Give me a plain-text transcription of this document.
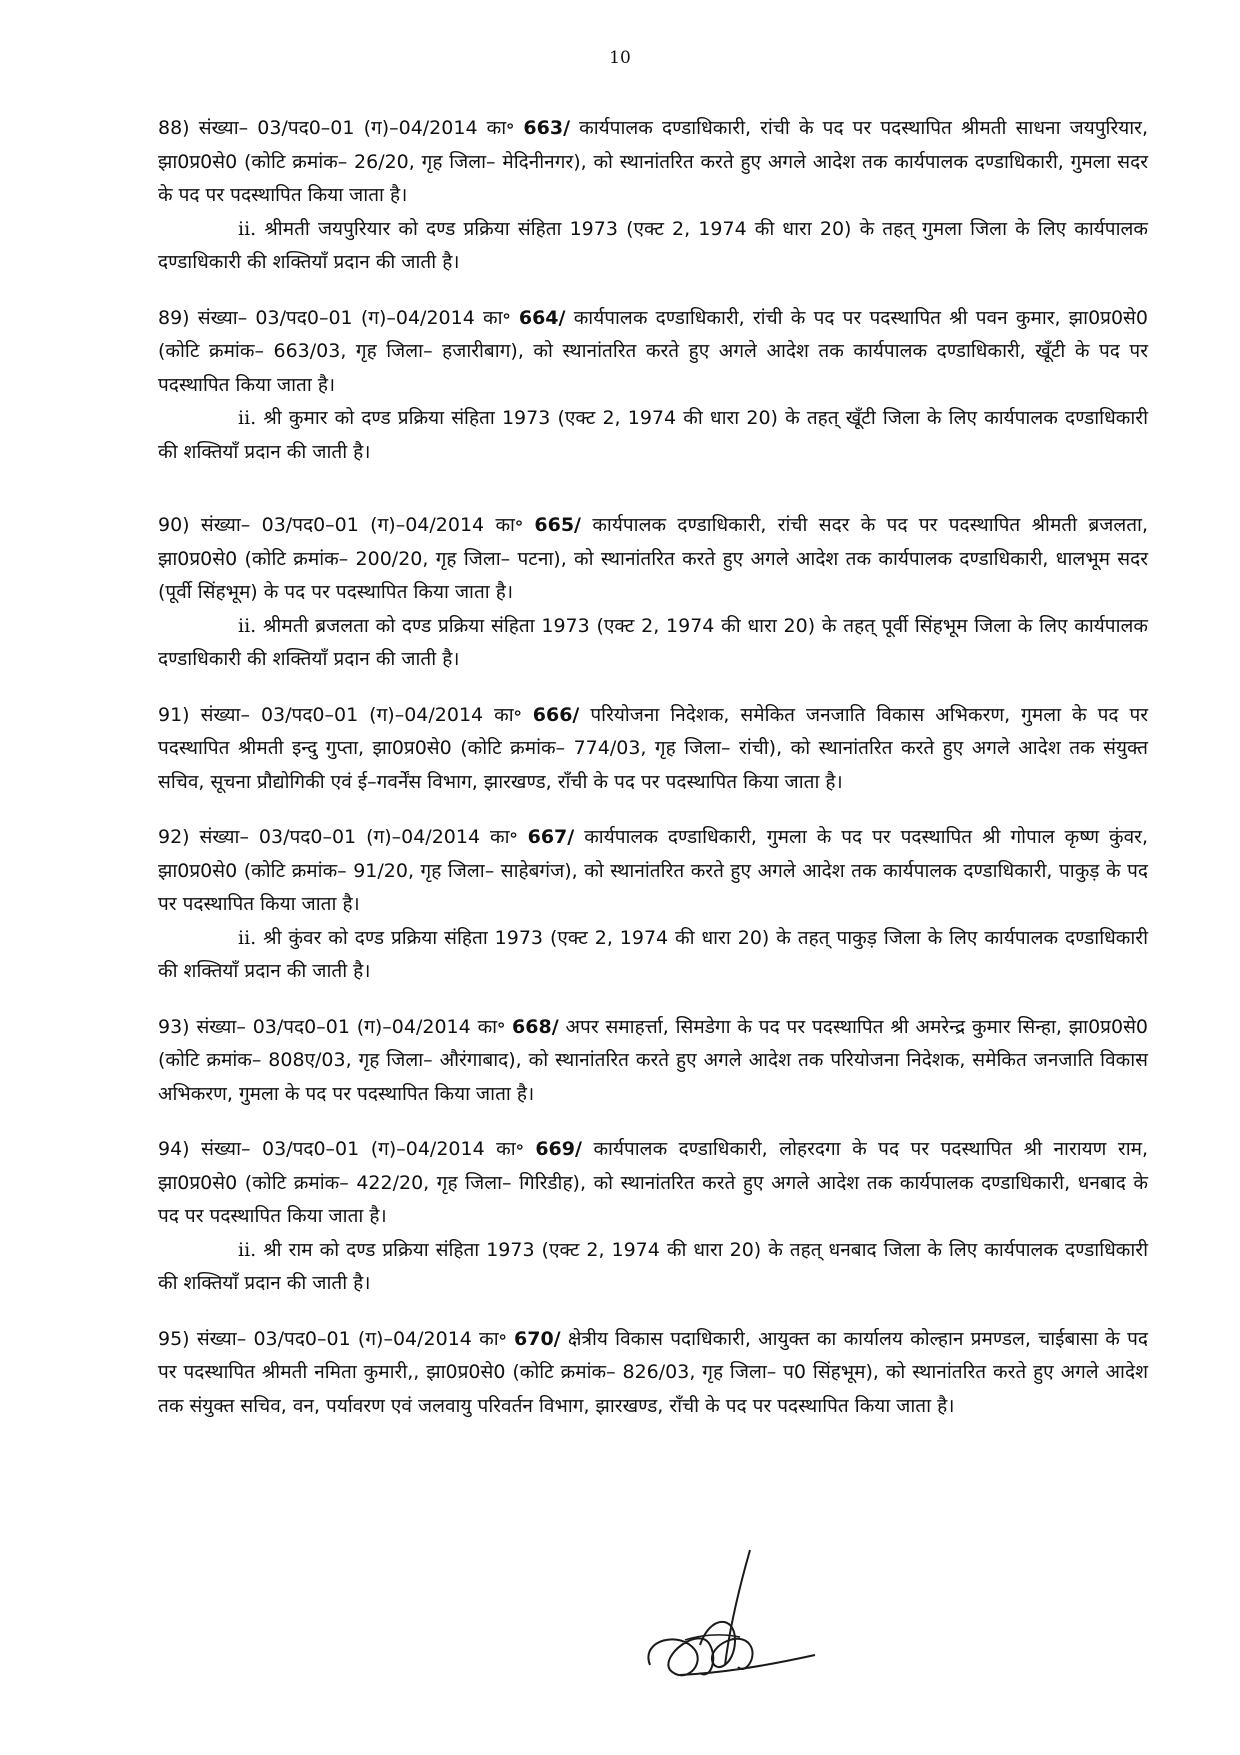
10

88) संख्या– 03/पद0–01 (ग)–04/2014 का॰ 663/ कार्यपालक दण्डाधिकारी, रांची के पद पर पदस्थापित श्रीमती साधना जयपुरियार, झा0प्र0से0 (कोटि क्रमांक– 26/20, गृह जिला– मेदिनीनगर), को स्थानांतरित करते हुए अगले आदेश तक कार्यपालक दण्डाधिकारी, गुमला सदर के पद पर पदस्थापित किया जाता है।

ii. श्रीमती जयपुरियार को दण्ड प्रक्रिया संहिता 1973 (एक्ट 2, 1974 की धारा 20) के तहत् गुमला जिला के लिए कार्यपालक दण्डाधिकारी की शक्तियाँ प्रदान की जाती है।

89) संख्या– 03/पद0–01 (ग)–04/2014 का॰ 664/ कार्यपालक दण्डाधिकारी, रांची के पद पर पदस्थापित श्री पवन कुमार, झा0प्र0से0 (कोटि क्रमांक– 663/03, गृह जिला– हजारीबाग), को स्थानांतरित करते हुए अगले आदेश तक कार्यपालक दण्डाधिकारी, खूँटी के पद पर पदस्थापित किया जाता है।

ii. श्री कुमार को दण्ड प्रक्रिया संहिता 1973 (एक्ट 2, 1974 की धारा 20) के तहत् खूँटी जिला के लिए कार्यपालक दण्डाधिकारी की शक्तियाँ प्रदान की जाती है।

90) संख्या– 03/पद0–01 (ग)–04/2014 का॰ 665/ कार्यपालक दण्डाधिकारी, रांची सदर के पद पर पदस्थापित श्रीमती ब्रजलता, झा0प्र0से0 (कोटि क्रमांक– 200/20, गृह जिला– पटना), को स्थानांतरित करते हुए अगले आदेश तक कार्यपालक दण्डाधिकारी, धालभूम सदर (पूर्वी सिंहभूम) के पद पर पदस्थापित किया जाता है।

ii. श्रीमती ब्रजलता को दण्ड प्रक्रिया संहिता 1973 (एक्ट 2, 1974 की धारा 20) के तहत् पूर्वी सिंहभूम जिला के लिए कार्यपालक दण्डाधिकारी की शक्तियाँ प्रदान की जाती है।

91) संख्या– 03/पद0–01 (ग)–04/2014 का॰ 666/ परियोजना निदेशक, समेकित जनजाति विकास अभिकरण, गुमला के पद पर पदस्थापित श्रीमती इन्दु गुप्ता, झा0प्र0से0 (कोटि क्रमांक– 774/03, गृह जिला– रांची), को स्थानांतरित करते हुए अगले आदेश तक संयुक्त सचिव, सूचना प्रौद्योगिकी एवं ई–गवर्नेंस विभाग, झारखण्ड, राँची के पद पर पदस्थापित किया जाता है।

92) संख्या– 03/पद0–01 (ग)–04/2014 का॰ 667/ कार्यपालक दण्डाधिकारी, गुमला के पद पर पदस्थापित श्री गोपाल कृष्ण कुंवर, झा0प्र0से0 (कोटि क्रमांक– 91/20, गृह जिला– साहेबगंज), को स्थानांतरित करते हुए अगले आदेश तक कार्यपालक दण्डाधिकारी, पाकुड़ के पद पर पदस्थापित किया जाता है।

ii. श्री कुंवर को दण्ड प्रक्रिया संहिता 1973 (एक्ट 2, 1974 की धारा 20) के तहत् पाकुड़ जिला के लिए कार्यपालक दण्डाधिकारी की शक्तियाँ प्रदान की जाती है।

93) संख्या– 03/पद0–01 (ग)–04/2014 का॰ 668/ अपर समाहर्त्ता, सिमडेगा के पद पर पदस्थापित श्री अमरेन्द्र कुमार सिन्हा, झा0प्र0से0 (कोटि क्रमांक– 808ए/03, गृह जिला– औरंगाबाद), को स्थानांतरित करते हुए अगले आदेश तक परियोजना निदेशक, समेकित जनजाति विकास अभिकरण, गुमला के पद पर पदस्थापित किया जाता है।

94) संख्या– 03/पद0–01 (ग)–04/2014 का॰ 669/ कार्यपालक दण्डाधिकारी, लोहरदगा के पद पर पदस्थापित श्री नारायण राम, झा0प्र0से0 (कोटि क्रमांक– 422/20, गृह जिला– गिरिडीह), को स्थानांतरित करते हुए अगले आदेश तक कार्यपालक दण्डाधिकारी, धनबाद के पद पर पदस्थापित किया जाता है।

ii. श्री राम को दण्ड प्रक्रिया संहिता 1973 (एक्ट 2, 1974 की धारा 20) के तहत् धनबाद जिला के लिए कार्यपालक दण्डाधिकारी की शक्तियाँ प्रदान की जाती है।

95) संख्या– 03/पद0–01 (ग)–04/2014 का॰ 670/ क्षेत्रीय विकास पदाधिकारी, आयुक्त का कार्यालय कोल्हान प्रमण्डल, चाईबासा के पद पर पदस्थापित श्रीमती नमिता कुमारी,, झा0प्र0से0 (कोटि क्रमांक– 826/03, गृह जिला– प0 सिंहभूम), को स्थानांतरित करते हुए अगले आदेश तक संयुक्त सचिव, वन, पर्यावरण एवं जलवायु परिवर्तन विभाग, झारखण्ड, राँची के पद पर पदस्थापित किया जाता है।
